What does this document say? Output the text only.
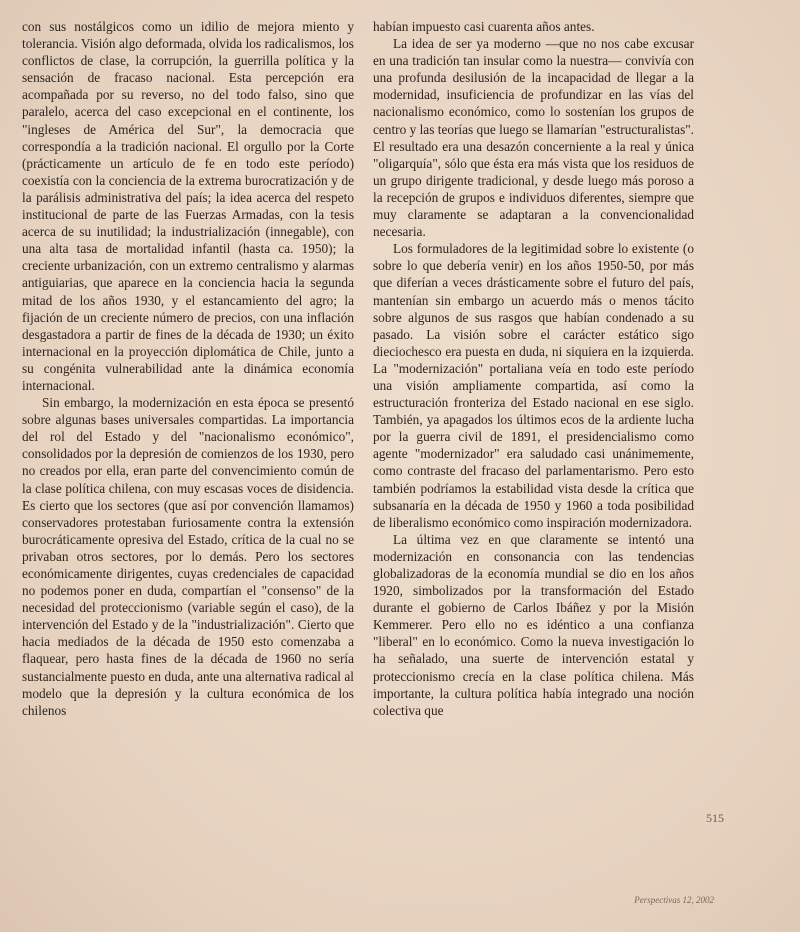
con sus nostálgicos como un idilio de mejora miento y tolerancia. Visión algo deformada, olvida los radicalismos, los conflictos de clase, la corrupción, la guerrilla política y la sensación de fracaso nacional. Esta percepción era acompañada por su reverso, no del todo falso, sino que paralelo, acerca del caso excepcional en el continente, los "ingleses de América del Sur", la democracia que correspondía a la tradición nacional. El orgullo por la Corte (prácticamente un artículo de fe en todo este período) coexistía con la conciencia de la extrema burocratización y de la parálisis administrativa del país; la idea acerca del respeto institucional de parte de las Fuerzas Armadas, con la tesis acerca de su inutilidad; la industrialización (innegable), con una alta tasa de mortalidad infantil (hasta ca. 1950); la creciente urbanización, con un extremo centralismo y alarmas antiguiarias, que aparece en la conciencia hacia la segunda mitad de los años 1930, y el estancamiento del agro; la fijación de un creciente número de precios, con una inflación desgastadora a partir de fines de la década de 1930; un éxito internacional en la proyección diplomática de Chile, junto a su congénita vulnerabilidad ante la dinámica economía internacional.

Sin embargo, la modernización en esta época se presentó sobre algunas bases universales compartidas. La importancia del rol del Estado y del "nacionalismo económico", consolidados por la depresión de comienzos de los 1930, pero no creados por ella, eran parte del convencimiento común de la clase política chilena, con muy escasas voces de disidencia. Es cierto que los sectores (que así por convención llamamos) conservadores protestaban furiosamente contra la extensión burocráticamente opresiva del Estado, crítica de la cual no se privaban otros sectores, por lo demás. Pero los sectores económicamente dirigentes, cuyas credenciales de capacidad no podemos poner en duda, compartían el "consenso" de la necesidad del proteccionismo (variable según el caso), de la intervención del Estado y de la "industrialización". Cierto que hacia mediados de la década de 1950 esto comenzaba a flaquear, pero hasta fines de la década de 1960 no sería sustancialmente puesto en duda, ante una alternativa radical al modelo que la depresión y la cultura económica de los chilenos

habían impuesto casi cuarenta años antes.

La idea de ser ya moderno —que no nos cabe excusar en una tradición tan insular como la nuestra— convivía con una profunda desilusión de la incapacidad de llegar a la modernidad, insuficiencia de profundizar en las vías del nacionalismo económico, como lo sostenían los grupos de centro y las teorías que luego se llamarían "estructuralistas". El resultado era una desazón concerniente a la real y única "oligarquía", sólo que ésta era más vista que los residuos de un grupo dirigente tradicional, y desde luego más poroso a la recepción de grupos e individuos diferentes, siempre que muy claramente se adaptaran a la convencionalidad necesaria.

Los formuladores de la legitimidad sobre lo existente (o sobre lo que debería venir) en los años 1950-50, por más que diferían a veces drásticamente sobre el futuro del país, mantenían sin embargo un acuerdo más o menos tácito sobre algunos de sus rasgos que habían condenado a su pasado. La visión sobre el carácter estático sigo dieciochesco era puesta en duda, ni siquiera en la izquierda. La "modernización" portaliana veía en todo este período una visión ampliamente compartida, así como la estructuración fronteriza del Estado nacional en ese siglo. También, ya apagados los últimos ecos de la ardiente lucha por la guerra civil de 1891, el presidencialismo como agente "modernizador" era saludado casi unánimemente, como contraste del fracaso del parlamentarismo. Pero esto también podríamos la estabilidad vista desde la crítica que subsanaría en la década de 1950 y 1960 a toda posibilidad de liberalismo económico como inspiración modernizadora.

La última vez en que claramente se intentó una modernización en consonancia con las tendencias globalizadoras de la economía mundial se dio en los años 1920, simbolizados por la transformación del Estado durante el gobierno de Carlos Ibáñez y por la Misión Kemmerer. Pero ello no es idéntico a una confianza "liberal" en lo económico. Como la nueva investigación lo ha señalado, una suerte de intervención estatal y proteccionismo crecía en la clase política chilena. Más importante, la cultura política había integrado una noción colectiva que

515
Perspectivas 12, 2002
